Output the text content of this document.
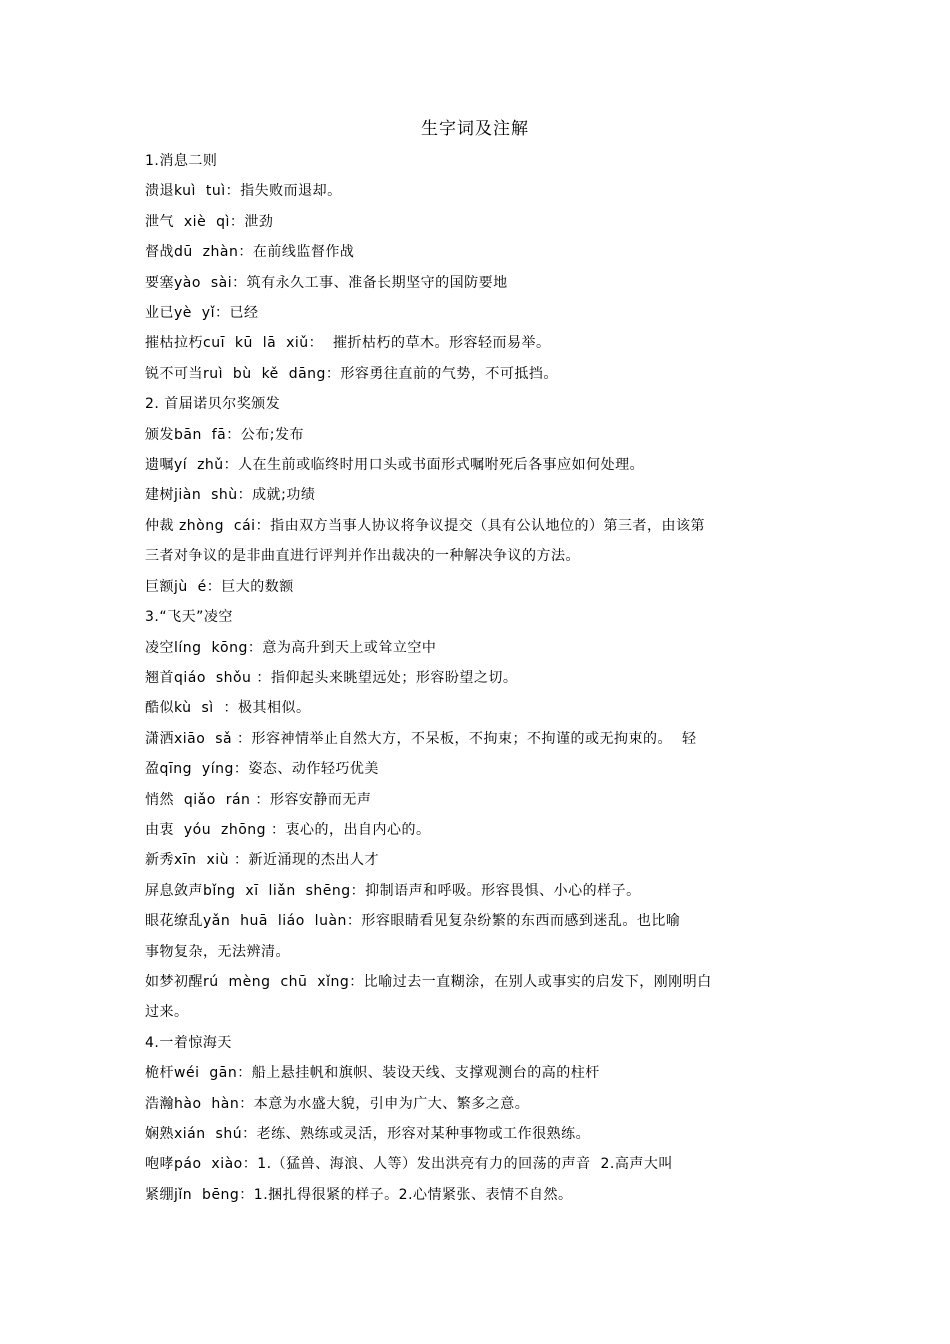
生字词及注解
1.消息二则
溃退kuì  tuì：指失败而退却。
泄气  xiè  qì：泄劲
督战dū  zhàn：在前线监督作战
要塞yào  sài：筑有永久工事、准备长期坚守的国防要地
业已yè  yǐ：已经
摧枯拉朽cuī  kū  lā  xiǔ：  摧折枯朽的草木。形容轻而易举。
锐不可当ruì  bù  kě  dāng：形容勇往直前的气势，不可抵挡。
2. 首届诺贝尔奖颁发
颁发bān  fā：公布;发布
遗嘱yí  zhǔ：人在生前或临终时用口头或书面形式嘱咐死后各事应如何处理。
建树jiàn  shù：成就;功绩
仲裁 zhòng  cái：指由双方当事人协议将争议提交（具有公认地位的）第三者，由该第
三者对争议的是非曲直进行评判并作出裁决的一种解决争议的方法。
巨额jù  é：巨大的数额
3.“飞天”凌空
凌空líng  kōng：意为高升到天上或耸立空中
翘首qiáo  shǒu ：指仰起头来眺望远处；形容盼望之切。
酷似kù  sì  ：极其相似。
潇洒xiāo  sǎ ：形容神情举止自然大方，不呆板，不拘束；不拘谨的或无拘束的。  轻
盈qīng  yíng：姿态、动作轻巧优美
悄然  qiǎo  rán ：形容安静而无声
由衷  yóu  zhōng ：衷心的，出自内心的。
新秀xīn  xiù ：新近涌现的杰出人才
屏息敛声bǐng  xī  liǎn  shēng：抑制语声和呼吸。形容畏惧、小心的样子。
眼花缭乱yǎn  huā  liáo  luàn：形容眼睛看见复杂纷繁的东西而感到迷乱。也比喻
事物复杂，无法辨清。
如梦初醒rú  mèng  chū  xǐng：比喻过去一直糊涂，在别人或事实的启发下，刚刚明白
过来。
4.一着惊海天
桅杆wéi  gān：船上悬挂帆和旗帜、装设天线、支撑观测台的高的柱杆
浩瀚hào  hàn：本意为水盛大貌，引申为广大、繁多之意。
娴熟xián  shú：老练、熟练或灵活，形容对某种事物或工作很熟练。
咆哮páo  xiào：1.（猛兽、海浪、人等）发出洪亮有力的回荡的声音  2.高声大叫
紧绷jǐn  bēng：1.捆扎得很紧的样子。2.心情紧张、表情不自然。
